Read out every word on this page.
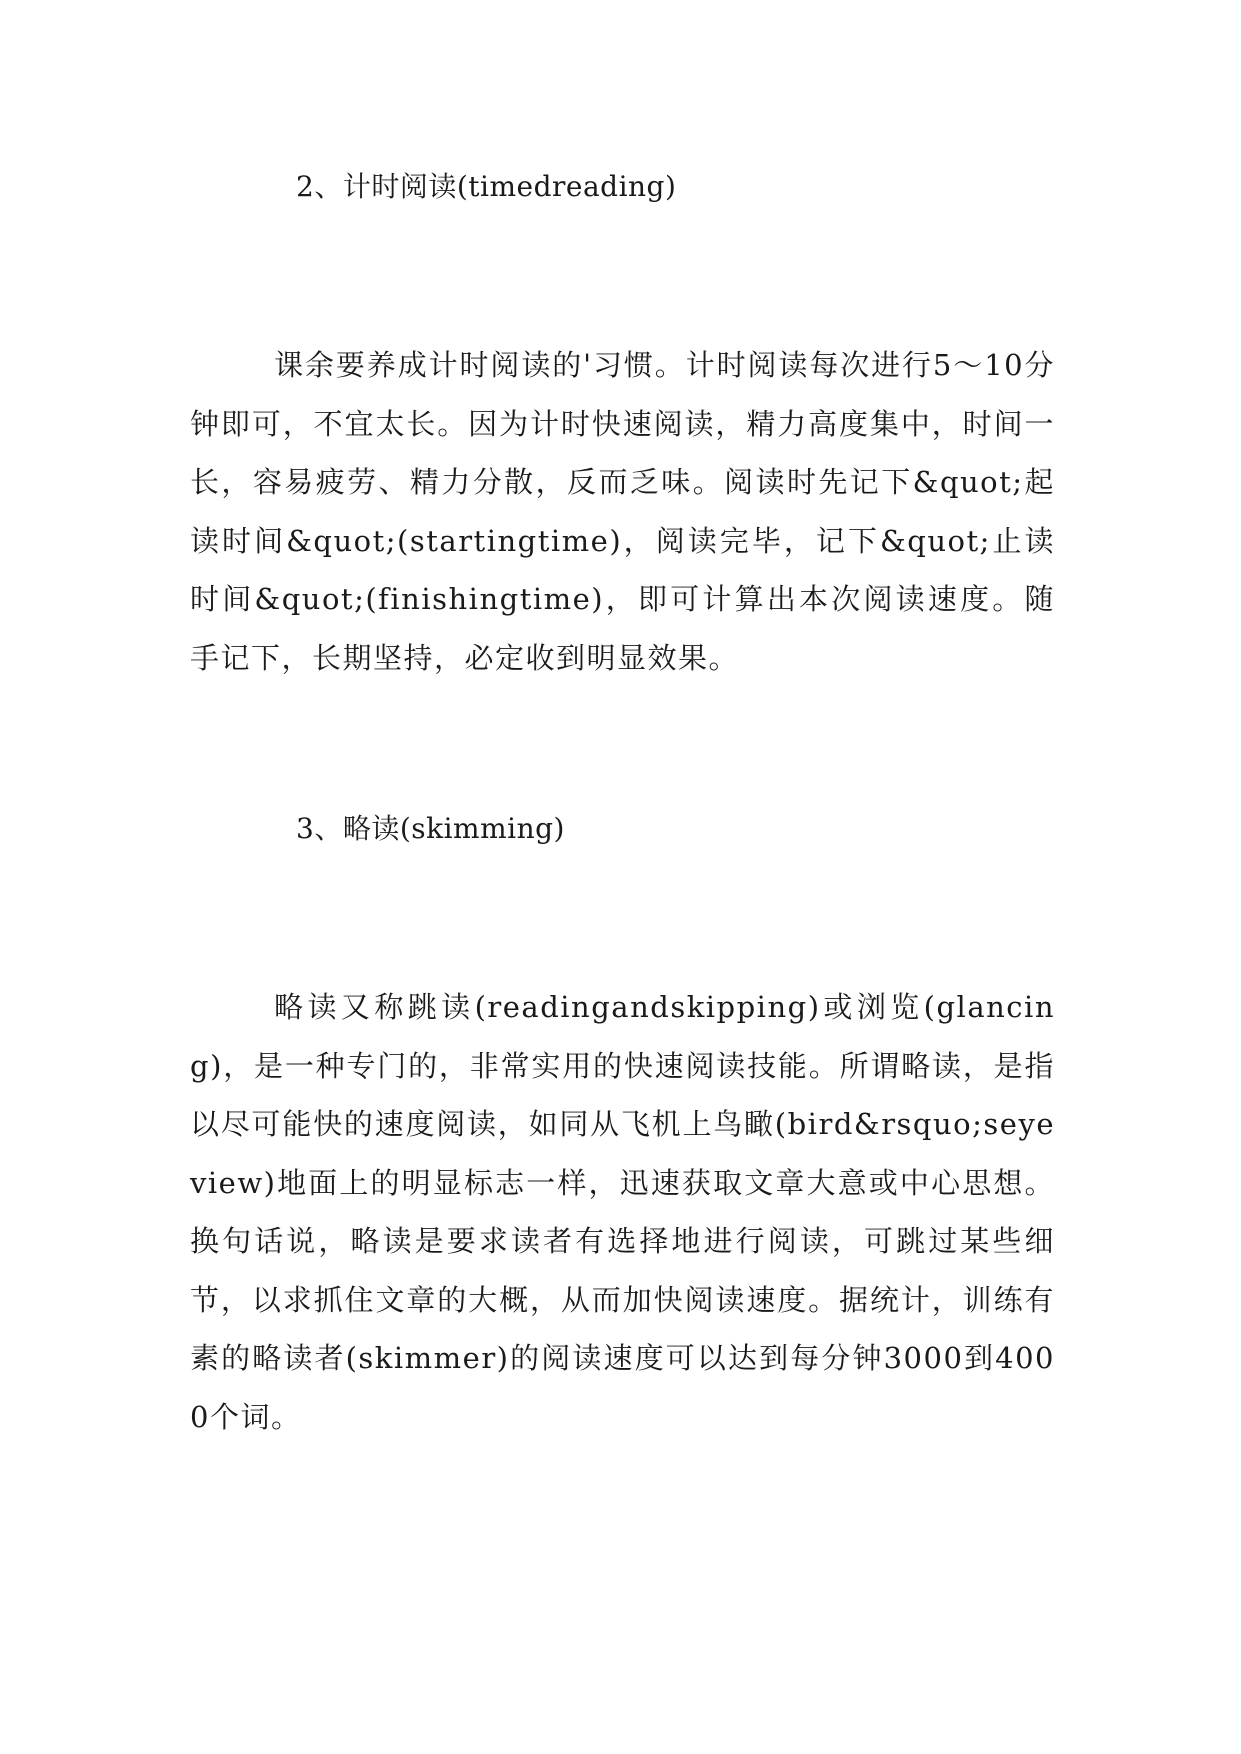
2、计时阅读(timedreading)

课余要养成计时阅读的'习惯。计时阅读每次进行5～10分钟即可，不宜太长。因为计时快速阅读，精力高度集中，时间一长，容易疲劳、精力分散，反而乏味。阅读时先记下&quot;起读时间&quot;(startingtime)，阅读完毕，记下&quot;止读时间&quot;(finishingtime)，即可计算出本次阅读速度。随手记下，长期坚持，必定收到明显效果。

3、略读(skimming)

略读又称跳读(readingandskipping)或浏览(glancing)，是一种专门的，非常实用的快速阅读技能。所谓略读，是指以尽可能快的速度阅读，如同从飞机上鸟瞰(bird&rsquo;seyeview)地面上的明显标志一样，迅速获取文章大意或中心思想。换句话说，略读是要求读者有选择地进行阅读，可跳过某些细节，以求抓住文章的大概，从而加快阅读速度。据统计，训练有素的略读者(skimmer)的阅读速度可以达到每分钟3000到4000个词。
